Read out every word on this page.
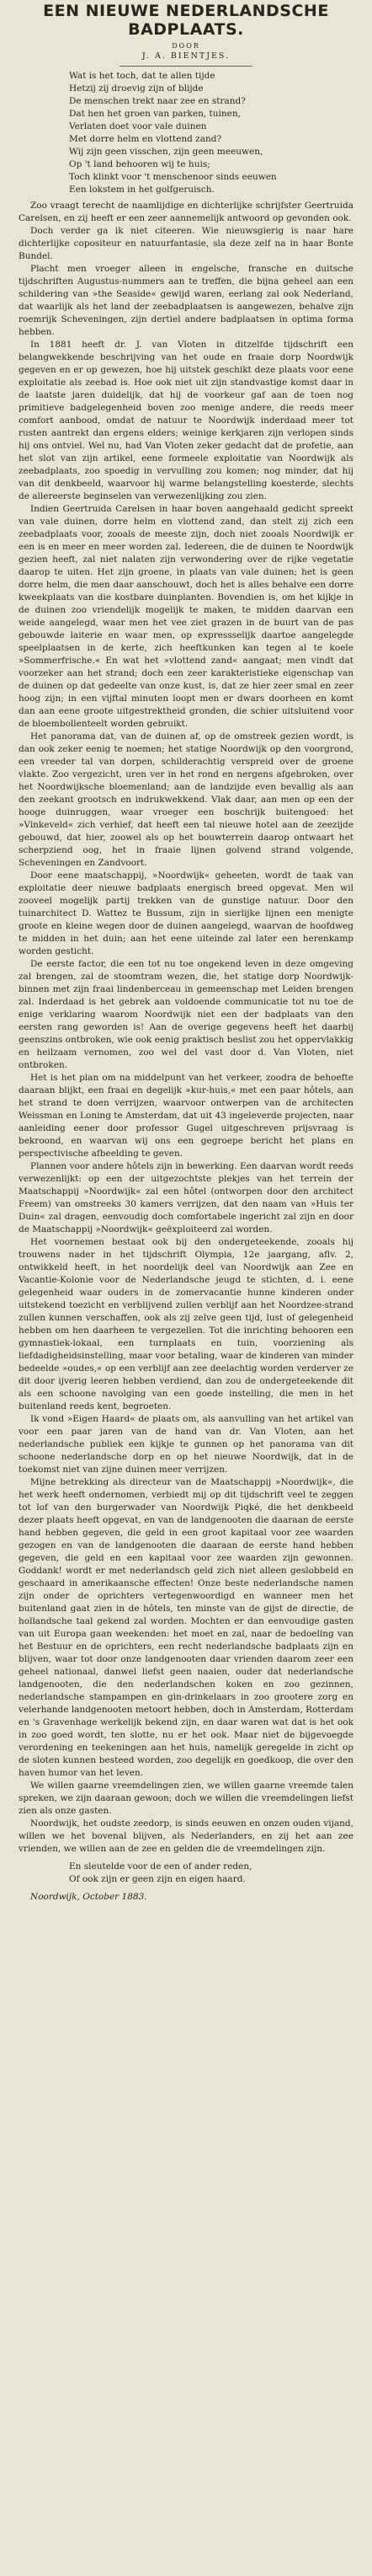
EEN NIEUWE NEDERLANDSCHE
BADPLAATS.
DOOR
J. A. BIENTJES.
Wat is het toch, dat te allen tijde
Hetzij zij droevig zijn of blijde
De menschen trekt naar zee en strand?
Dat hen het groen van parken, tuinen,
Verlaten doet voor vale duinen
Met dorre helm en vlottend zand?
Wij zijn geen visschen, zijn geen meeuwen,
Op 't land behooren wij te huis;
Toch klinkt voor 't menschenoor sinds eeuwen
Een lokstem in het golfgeruisch.

Zoo vraagt terecht de naamlijdige en dichterlijke schrijfster Geertruida Carelsen, en zij heeft er een zeer aannemelijk antwoord op gevonden ook.

Doch verder ga ik niet citeeren. Wie nieuwsgierig is naar hare dichterlijke copositeur en natuurfantasie, sla deze zelf na in haar Bonte Bundel.

Placht men vroeger alleen in engelsche, fransche en duitsche tijdschriften Augustus-nummers aan te treffen, die bijna geheel aan een schildering van »the Seaside« gewijd waren, eerlang zal ook Nederland, dat waarlijk als het land der zeebadplaatsen is aangewezen, behalve zijn roemrijk Scheveningen, zijn dertiel andere badplaatsen in optima forma hebben.

In 1881 heeft dr. J. van Vloten in ditzelfde tijdschrift een belangwekkende beschrijving van het oude en fraaie dorp Noordwijk gegeven en er op gewezen, hoe hij uitstek geschikt deze plaats voor eene exploitatie als zeebad is. Hoe ook niet uit zijn standvastige komst daar in de laatste jaren duidelijk, dat hij de voorkeur gaf aan de toen nog primitieve badgelegenheid boven zoo menige andere, die reeds meer comfort aanbood, omdat de natuur te Noordwijk inderdaad meer tot rusten aantrekt dan ergens elders; weinige kerkjaren zijn verlopen sinds hij ons ontviel. Wel nu, had Van Vloten zeker gedacht dat de profetie, aan het slot van zijn artikel, eene formeele exploitatie van Noordwijk als zeebadplaats, zoo spoedig in vervulling zou komen; nog minder, dat hij van dit denkbeeld, waarvoor hij warme belangstelling koesterde, slechts de allereerste beginselen van verwezenlijking zou zien.

Indien Geertruida Carelsen in haar boven aangehaald gedicht spreekt van vale duinen, dorre helm en vlottend zand, dan stelt zij zich een zeebadplaats voor, zooals de meeste zijn, doch niet zooals Noordwijk er een is en meer en meer worden zal. Iedereen, die de duinen te Noordwijk gezien heeft, zal niet nalaten zijn verwondering over de rijke vegetatie daarop te uiten. Het zijn groene, in plaats van vale duinen; het is geen dorre helm, die men daar aanschouwt, doch het is alles behalve een dorre kweekplaats van die kostbare duinplanten. Bovendien is, om het kijkje in de duinen zoo vriendelijk mogelijk te maken, te midden daarvan een weide aangelegd, waar men het vee ziet grazen in de buurt van de pas gebouwde laiterie en waar men, op expressselijk daartoe aangelegde speelplaatsen in de kerte, zich heeftkunken kan tegen al te koele »Sommerfrische.« En wat het »vlottend zand« aangaat; men vindt dat voorzeker aan het strand; doch een zeer karakteristieke eigenschap van de duinen op dat gedeelte van onze kust, is, dat ze hier zeer smal en zeer hoog zijn; in een vijftal minuten loopt men er dwars doorheen en komt dan aan eene groote uitgestrektheid gronden, die schier uitsluitend voor de bloembollenteelt worden gebruikt.

Het panorama dat, van de duinen af, op de omstreek gezien wordt, is dan ook zeker eenig te noemen; het statige Noordwijk op den voorgrond, een vreeder tal van dorpen, schilderachtig verspreid over de groene vlakte. Zoo vergezicht, uren ver in het rond en nergens afgebroken, over het Noordwijksche bloemenland; aan de landzijde even bevallig als aan den zeekant grootsch en indrukwekkend. Vlak daar, aan men op een der hooge duinruggen, waar vroeger een boschrijk buitengoed: het »Vinkeveld« zich verhief, dat heeft een tal nieuwe hotel aan de zeezijde gebouwd, dat hier, zoowel als op het bouwterrein daarop ontwaart het scherpziend oog, het in fraaie lijnen golvend strand volgende, Scheveningen en Zandvoort.

Door eene maatschappij, »Noordwijk« geheeten, wordt de taak van exploitatie deer nieuwe badplaats energisch breed opgevat. Men wil zooveel mogelijk partij trekken van de gunstige natuur. Door den tuinarchitect D. Wattez te Bussum, zijn in sierlijke lijnen een menigte groote en kleine wegen door de duinen aangelegd, waarvan de hoofdweg te midden in het duin; aan het eene uiteinde zal later een herenkamp worden gesticht.

De eerste factor, die een tot nu toe ongekend leven in deze omgeving zal brengen, zal de stoomtram wezen, die, het statige dorp Noordwijk-binnen met zijn fraai lindenberceau in gemeenschap met Leiden brengen zal. Inderdaad is het gebrek aan voldoende communicatie tot nu toe de enige verklaring waarom Noordwijk niet een der badplaats van den eersten rang geworden is! Aan de overige gegevens heeft het daarbij geenszins ontbroken, wie ook eenig praktisch beslist zou het oppervlakkig en heilzaam vernomen, zoo wel del vast door d. Van Vloten, niet ontbroken.

Het is het plan om na middelpunt van het verkeer, zoodra de behoefte daaraan blijkt, een fraai en degelijk »kur-huis,« met een paar hôtels, aan het strand te doen verrijzen, waarvoor ontwerpen van de architecten Weissman en Loning te Amsterdam, dat uit 43 ingeleverde projecten, naar aanleiding eener door professor Gugel uitgeschreven prijsvraag is bekroond, en waarvan wij ons een gegroepe bericht het plans en perspectivische afbeelding te geven.

Plannen voor andere hôtels zijn in bewerking. Een daarvan wordt reeds verwezenlijkt: op een der uitgezochtste plekjes van het terrein der Maatschappij »Noordwijk« zal een hôtel (ontworpen door den architect Freem) van omstreeks 30 kamers verrijzen, dat den naam van »Huis ter Duin« zal dragen, eenvoudig doch comfortabele ingericht zal zijn en door de Maatschappij »Noordwijk« geëxploiteerd zal worden.

Het voornemen bestaat ook bij den ondergeteekende, zooals hij trouwens nader in het tijdschrift Olympia, 12e jaargang, aflv. 2, ontwikkeld heeft, in het noordelijk deel van Noordwijk aan Zee en Vacantie-Kolonie voor de Nederlandsche jeugd te stichten, d. i. eene gelegenheid waar ouders in de zomervacantie hunne kinderen onder uitstekend toezicht en verblijvend zullen verblijf aan het Noordzee-strand zullen kunnen verschaffen, ook als zij zelve geen tijd, lust of gelegenheid hebben om hen daarheen te vergezellen. Tot die inrichting behooren een gymnastiek-lokaal, een turnplaats en tuin, voorziening als liefdadigheidsinstelling, maar voor betaling, waar de kinderen van minder bedeelde »oudes,« op een verblijf aan zee deelachtig worden verderver ze dit door ijverig leeren hebben verdiend, dan zou de ondergeteekende dit als een schoone navolging van een goede instelling, die men in het buitenland reeds kent, begroeten.

Ik vond »Eigen Haard« de plaats om, als aanvulling van het artikel van voor een paar jaren van de hand van dr. Van Vloten, aan het nederlandsche publiek een kijkje te gunnen op het panorama van dit schoone nederlandsche dorp en op het nieuwe Noordwijk, dat in de toekomst niet van zijne duinen meer verrijzen.

Mijne betrekking als directeur van de Maatschappij »Noordwijk«, die het werk heeft ondernomen, verbiedt mij op dit tijdschrift veel te zeggen tot lof van den burgerwader van Noordwijk Piqké, die het denkbeeld dezer plaats heeft opgevat, en van de landgenooten die daaraan de eerste hand hebben gegeven, die geld in een groot kapitaal voor zee waarden gezogen en van de landgenooten die daaraan de eerste hand hebben gegeven, die geld en een kapitaal voor zee waarden zijn gewonnen. Goddank! wordt er met nederlandsch geld zich niet alleen geslobbeld en geschaard in amerikaansche effecten! Onze beste nederlandsche namen zijn onder de oprichters vertegenwoordigd en wanneer men het buitenland gaat zien in de hôtels, ten minste van de gijst de directie, de hollandsche taal gekend zal worden. Mochten er dan eenvoudige gasten van uit Europa gaan weekenden: het moet en zal, naar de bedoeling van het Bestuur en de oprichters, een recht nederlandsche badplaats zijn en blijven, waar tot door onze landgenooten daar vrienden daarom zeer een geheel nationaal, danwel liefst geen naaien, ouder dat nederlandsche landgenooten, die den nederlandschen koken en zoo gezinnen, nederlandsche stampampen en gin-drinkelaars in zoo grootere zorg en velerhande landgenooten metoort hebben, doch in Amsterdam, Rotterdam en 's Gravenhage werkelijk bekend zijn, en daar waren wat dat is het ook in zoo goed wordt, ten slotte, nu er het ook. Maar niet de bijgevoegde verordening en teekeningen aan het huis, namelijk geregelde in zicht op de sloten kunnen besteed worden, zoo degelijk en goedkoop, die over den haven humor van het leven.

We willen gaarne vreemdelingen zien, we willen gaarne vreemde talen spreken, we zijn daaraan gewoon; doch we willen die vreemdelingen liefst zien als onze gasten.

Noordwijk, het oudste zeedorp, is sinds eeuwen en onzen ouden vijand, willen we het bovenal blijven, als Nederlanders, en zij het aan zee vrienden, we willen aan de zee en gelden die de vreemdelingen zijn.

En sleutelde voor de een of ander reden,
Of ook zijn er geen zijn en eigen haard.
Noordwijk, October 1883.
